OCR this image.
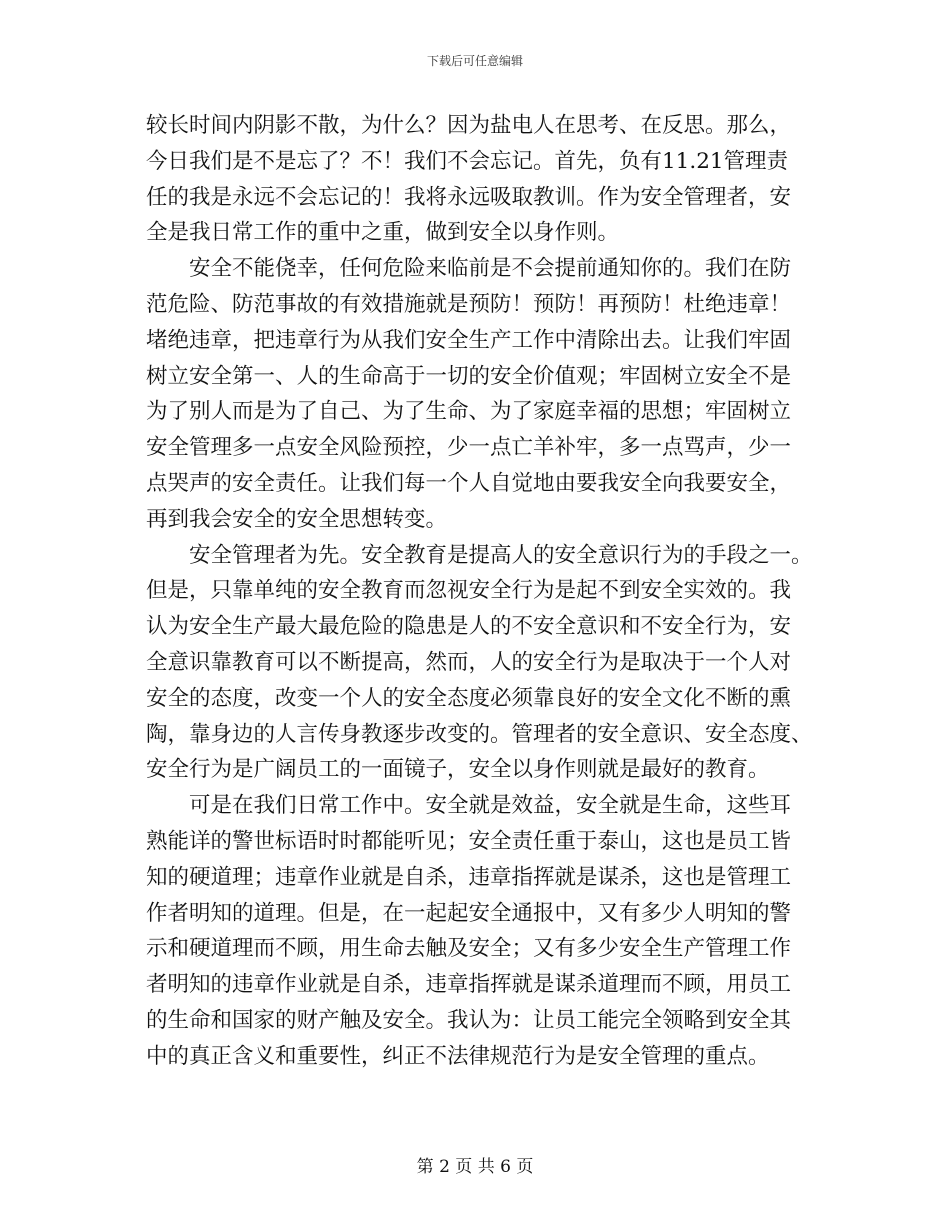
下载后可任意编辑
较长时间内阴影不散，为什么？因为盐电人在思考、在反思。那么，
今日我们是不是忘了？不！我们不会忘记。首先，负有11.21管理责
任的我是永远不会忘记的！我将永远吸取教训。作为安全管理者，安
全是我日常工作的重中之重，做到安全以身作则。
　　安全不能侥幸，任何危险来临前是不会提前通知你的。我们在防
范危险、防范事故的有效措施就是预防！预防！再预防！杜绝违章！
堵绝违章，把违章行为从我们安全生产工作中清除出去。让我们牢固
树立安全第一、人的生命高于一切的安全价值观；牢固树立安全不是
为了别人而是为了自己、为了生命、为了家庭幸福的思想；牢固树立
安全管理多一点安全风险预控，少一点亡羊补牢，多一点骂声，少一
点哭声的安全责任。让我们每一个人自觉地由要我安全向我要安全，
再到我会安全的安全思想转变。
　　安全管理者为先。安全教育是提高人的安全意识行为的手段之一。
但是，只靠单纯的安全教育而忽视安全行为是起不到安全实效的。我
认为安全生产最大最危险的隐患是人的不安全意识和不安全行为，安
全意识靠教育可以不断提高，然而，人的安全行为是取决于一个人对
安全的态度，改变一个人的安全态度必须靠良好的安全文化不断的熏
陶，靠身边的人言传身教逐步改变的。管理者的安全意识、安全态度、
安全行为是广阔员工的一面镜子，安全以身作则就是最好的教育。
　　可是在我们日常工作中。安全就是效益，安全就是生命，这些耳
熟能详的警世标语时时都能听见；安全责任重于泰山，这也是员工皆
知的硬道理；违章作业就是自杀，违章指挥就是谋杀，这也是管理工
作者明知的道理。但是，在一起起安全通报中，又有多少人明知的警
示和硬道理而不顾，用生命去触及安全；又有多少安全生产管理工作
者明知的违章作业就是自杀，违章指挥就是谋杀道理而不顾，用员工
的生命和国家的财产触及安全。我认为：让员工能完全领略到安全其
中的真正含义和重要性，纠正不法律规范行为是安全管理的重点。
第 2 页 共 6 页
